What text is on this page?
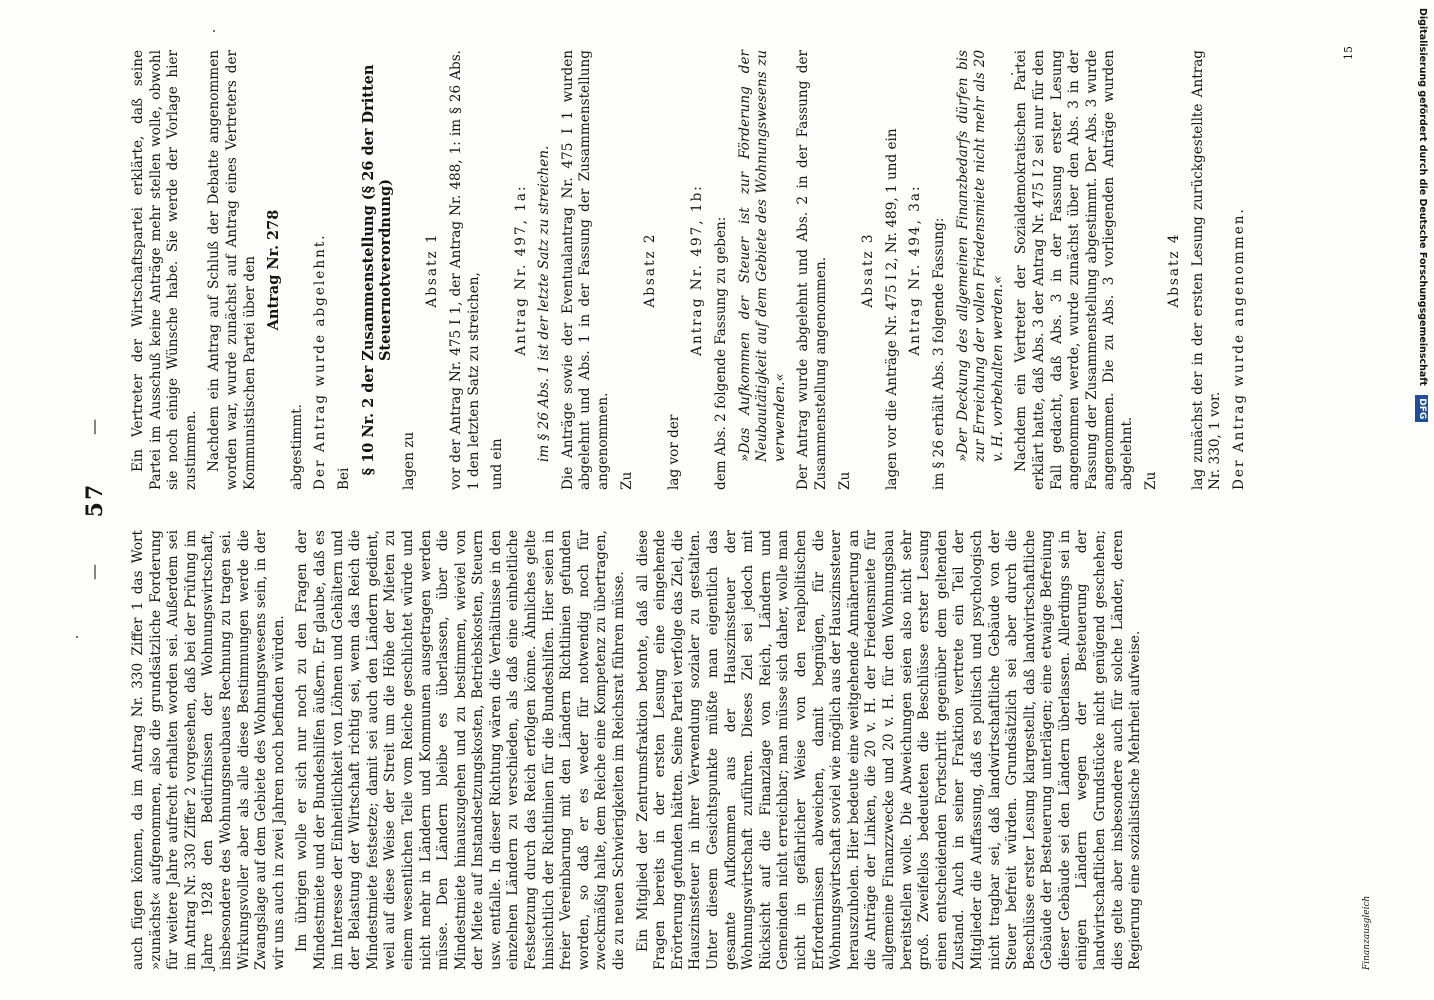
—
57
—

auch fügen können, da im Antrag Nr. 330 Ziffer 1 das Wort »zunächst« aufgenommen, also die grundsätzliche Forderung für weitere Jahre aufrecht erhalten worden sei. Außerdem sei im Antrag Nr. 330 Ziffer 2 vorgesehen, daß bei der Prüfung im Jahre 1928 den Bedürfnissen der Wohnungswirtschaft, insbesondere des Wohnungsneubaues Rechnung zu tragen sei. Wirkungsvoller aber als alle diese Bestimmungen werde die Zwangslage auf dem Gebiete des Wohnungswesens sein, in der wir uns auch in zwei Jahren noch befinden würden. Im übrigen wolle er sich nur noch zu den Fragen der Mindestmiete und der Bundeshilfen äußern. Er glaube, daß es im Interesse der Einheitlichkeit von Löhnen und Gehältern und der Belastung der Wirtschaft richtig sei, wenn das Reich die Mindestmiete festsetze; damit sei auch den Ländern gedient, weil auf diese Weise der Streit um die Höhe der Mieten zu einem wesentlichen Teile vom Reiche geschlichtet würde und nicht mehr in Ländern und Kommunen ausgetragen werden müsse. Den Ländern bleibe es überlassen, über die Mindestmiete hinauszugehen und zu bestimmen, wieviel von der Miete auf Instandsetzungskosten, Betriebskosten, Steuern usw. entfalle. In dieser Richtung wären die Verhältnisse in den einzelnen Ländern zu verschieden, als daß eine einheitliche Festsetzung durch das Reich erfolgen könne. Ähnliches gelte hinsichtlich der Richtlinien für die Bundeshilfen. Hier seien in freier Vereinbarung mit den Ländern Richtlinien gefunden worden, so daß er es weder für notwendig noch für zweckmäßig halte, dem Reiche eine Kompetenz zu übertragen, die zu neuen Schwierigkeiten im Reichsrat führen müsse. Ein Mitglied der Zentrumsfraktion betonte, daß all diese Fragen bereits in der ersten Lesung eine eingehende Erörterung gefunden hätten. Seine Partei verfolge das Ziel, die Hauszinssteuer in ihrer Verwendung sozialer zu gestalten. Unter diesem Gesichtspunkte müßte man eigentlich das gesamte Aufkommen aus der Hauszinssteuer der Wohnungswirtschaft zuführen. Dieses Ziel sei jedoch mit Rücksicht auf die Finanzlage von Reich, Ländern und Gemeinden nicht erreichbar; man müsse sich daher, wolle man nicht in gefährlicher Weise von den realpolitischen Erfordernissen abweichen, damit begnügen, für die Wohnungswirtschaft soviel wie möglich aus der Hauszinssteuer herauszuholen. Hier bedeute eine weitgehende Annäherung an die Anträge der Linken, die 20 v. H. der Friedensmiete für allgemeine Finanzzwecke und 20 v. H. für den Wohnungsbau bereitstellen wolle. Die Abweichungen seien also nicht sehr groß. Zweifellos bedeuteten die Beschlüsse erster Lesung einen entscheidenden Fortschritt gegenüber dem geltenden Zustand. Auch in seiner Fraktion vertrete ein Teil der Mitglieder die Auffassung, daß es politisch und psychologisch nicht tragbar sei, daß landwirtschaftliche Gebäude von der Steuer befreit würden. Grundsätzlich sei aber durch die Beschlüsse erster Lesung klargestellt, daß landwirtschaftliche Gebäude der Besteuerung unterlägen; eine etwaige Befreiung dieser Gebäude sei den Ländern überlassen. Allerdings sei in einigen Ländern wegen der Besteuerung der landwirtschaftlichen Grundstücke nicht genügend geschehen; dies gelte aber insbesondere auch für solche Länder, deren Regierung eine sozialistische Mehrheit aufweise.

Ein Vertreter der Wirtschaftspartei erklärte, daß seine Partei im Ausschuß keine Anträge mehr stellen wolle, obwohl sie noch einige Wünsche habe. Sie werde der Vorlage hier zustimmen. Nachdem ein Antrag auf Schluß der Debatte angenommen worden war, wurde zunächst auf Antrag eines Vertreters der Kommunistischen Partei über den Antrag Nr. 278

abgestimmt. Der Antrag wurde abgelehnt. Bei

§ 10 Nr. 2 der Zusammenstellung (§ 26 der Dritten Steuernotverordnung)

lagen zu

Absatz 1 vor der Antrag Nr. 475 I 1, der Antrag Nr. 488, 1: im § 26 Abs. 1 den letzten Satz zu streichen, und ein

Antrag Nr. 497, 1a: im § 26 Abs. 1 ist der letzte Satz zu streichen. Die Anträge sowie der Eventualantrag Nr. 475 I 1 wurden abgelehnt und Abs. 1 in der Fassung der Zusammenstellung angenommen. Zu

Absatz 2

lag vor der

Antrag Nr. 497, 1b: dem Abs. 2 folgende Fassung zu geben: »Das Aufkommen der Steuer ist zur Förderung der Neubautätigkeit auf dem Gebiete des Wohnungswesens zu verwenden.« Der Antrag wurde abgelehnt und Abs. 2 in der Fassung der Zusammenstellung angenommen. Zu

Absatz 3 lagen vor die Anträge Nr. 475 I 2, Nr. 489, 1 und ein Antrag Nr. 494, 3a: im § 26 erhält Abs. 3 folgende Fassung: »Der Deckung des allgemeinen Finanzbedarfs dürfen bis zur Erreichung der vollen Friedensmiete nicht mehr als 20 v. H. vorbehalten werden.« Nachdem ein Vertreter der Sozialdemokratischen Partei erklärt hatte, daß Abs. 3 der Antrag Nr. 475 I 2 sei nur für den Fall gedacht, daß Abs. 3 in der Fassung erster Lesung angenommen werde, wurde zunächst über den Abs. 3 in der Fassung der Zusammenstellung abgestimmt. Der Abs. 3 wurde angenommen. Die zu Abs. 3 vorliegenden Anträge wurden abgelehnt. Zu

Absatz 4 lag zunächst der in der ersten Lesung zurückgestellte Antrag Nr. 330, 1 vor. Der Antrag wurde angenommen.

Finanzausgleich
15	Digitalisierung gefördert durch die Deutsche Forschungsgemeinschaft DFG
